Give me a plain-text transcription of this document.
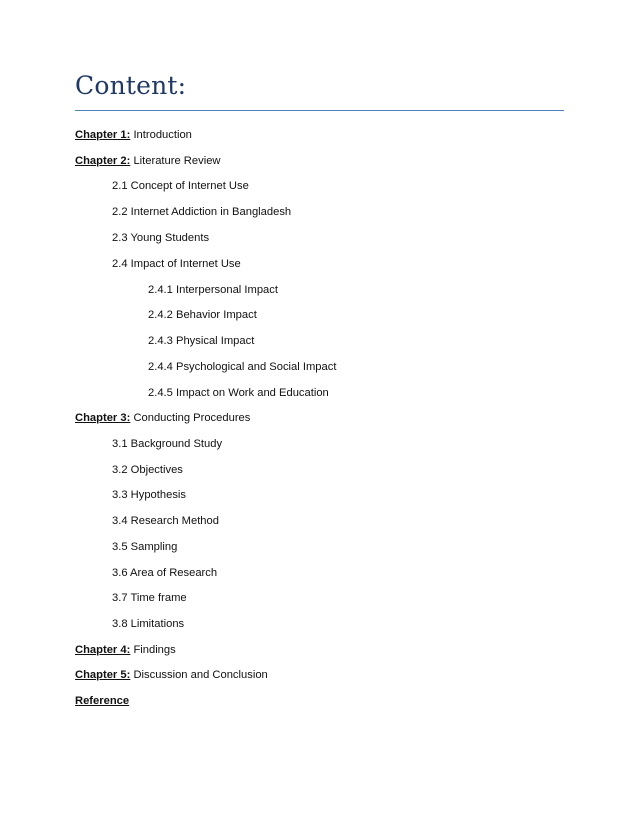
Content:
Chapter 1: Introduction
Chapter 2: Literature Review
2.1 Concept of Internet Use
2.2 Internet Addiction in Bangladesh
2.3 Young Students
2.4 Impact of Internet Use
2.4.1 Interpersonal Impact
2.4.2 Behavior Impact
2.4.3 Physical Impact
2.4.4 Psychological and Social Impact
2.4.5 Impact on Work and Education
Chapter 3: Conducting Procedures
3.1 Background Study
3.2 Objectives
3.3 Hypothesis
3.4 Research Method
3.5 Sampling
3.6 Area of Research
3.7 Time frame
3.8 Limitations
Chapter 4: Findings
Chapter 5: Discussion and Conclusion
Reference
